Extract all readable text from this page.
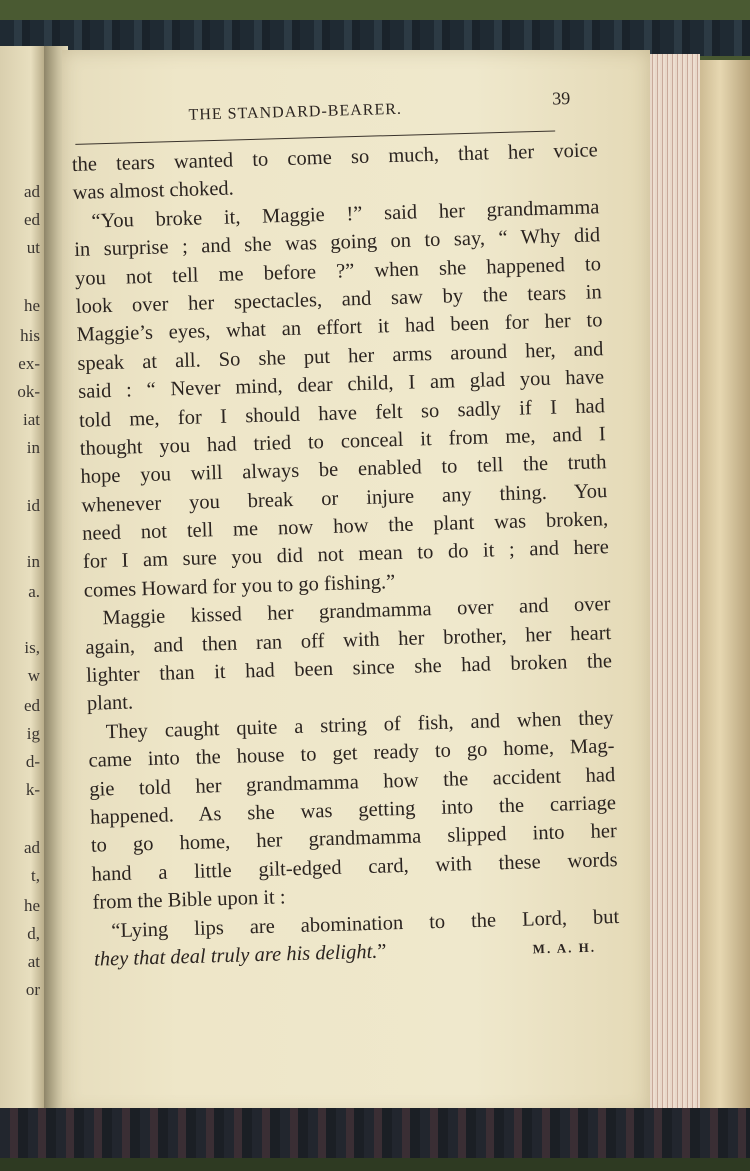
ad
ed
ut
he
his
ex-
ok-
iat
in
id
in
a.
is,
w
ed
ig
d-
k-
ad
t,
he
d,
at
or
THE STANDARD-BEARER.
39
the tears wanted to come so much, that her voice
was almost choked.
“You broke it, Maggie !” said her grandmamma
in surprise ; and she was going on to say, “ Why did
you not tell me before ?” when she happened to
look over her spectacles, and saw by the tears in
Maggie’s eyes, what an effort it had been for her to
speak at all. So she put her arms around her, and
said : “ Never mind, dear child, I am glad you have
told me, for I should have felt so sadly if I had
thought you had tried to conceal it from me, and I
hope you will always be enabled to tell the truth
whenever you break or injure any thing. You
need not tell me now how the plant was broken,
for I am sure you did not mean to do it ; and here
comes Howard for you to go fishing.”
Maggie kissed her grandmamma over and over
again, and then ran off with her brother, her heart
lighter than it had been since she had broken the
plant.
They caught quite a string of fish, and when they
came into the house to get ready to go home, Mag-
gie told her grandmamma how the accident had
happened. As she was getting into the carriage
to go home, her grandmamma slipped into her
hand a little gilt-edged card, with these words
from the Bible upon it :
“Lying lips are abomination to the Lord, but
they that deal truly are his delight.”	M. A. H.
